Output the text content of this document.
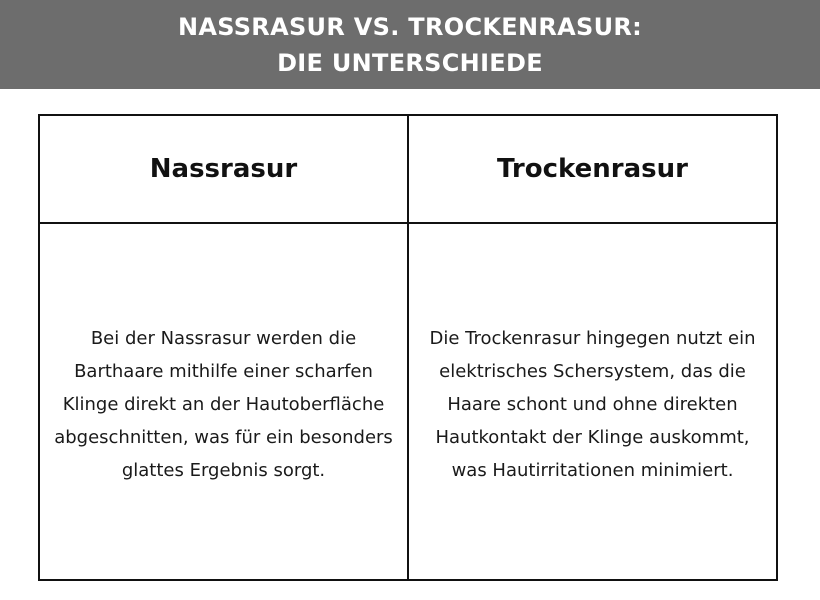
NASSRASUR VS. TROCKENRASUR:
DIE UNTERSCHIEDE
Nassrasur	Trockenrasur

Bei der Nassrasur werden die Barthaare mithilfe einer scharfen Klinge direkt an der Hautoberfläche abgeschnitten, was für ein besonders glattes Ergebnis sorgt.	Die Trockenrasur hingegen nutzt ein elektrisches Schersystem, das die Haare schont und ohne direkten Hautkontakt der Klinge auskommt, was Hautirritationen minimiert.
